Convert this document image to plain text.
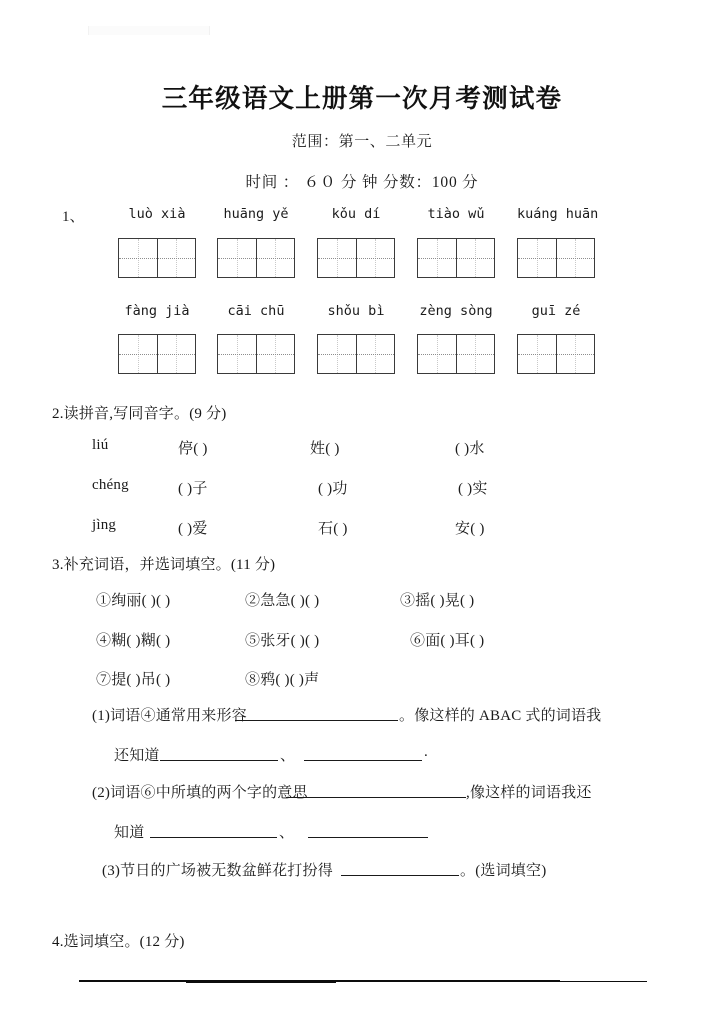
三年级语文上册第一次月考测试卷
范围：第一、二单元
时间 ： ６０ 分 钟 分数：100 分
1、	luò xià	huāng yě	kǒu dí	tiào wǔ	kuáng huān
fàng jià	cāi chū	shǒu bì	zèng sòng	guī zé
2.读拼音,写同音字。(9 分)
liú	停( )	姓( )	( )水
chéng	( )子	( )功	( )实
jìng	( )爱	石( )	安( )
3.补充词语，并选词填空。(11 分)
①绚丽( )( )	②急急( )( )	③摇( )晃( )
④糊( )糊( )	⑤张牙( )( )	⑥面( )耳( )
⑦提( )吊( )	⑧鸦( )( )声
(1)词语④通常用来形容	。像这样的 ABAC 式的词语我
还知道	、	.
(2)词语⑥中所填的两个字的意思	,像这样的词语我还
知道	、
(3)节日的广场被无数盆鲜花打扮得	。(选词填空)
4.选词填空。(12 分)
